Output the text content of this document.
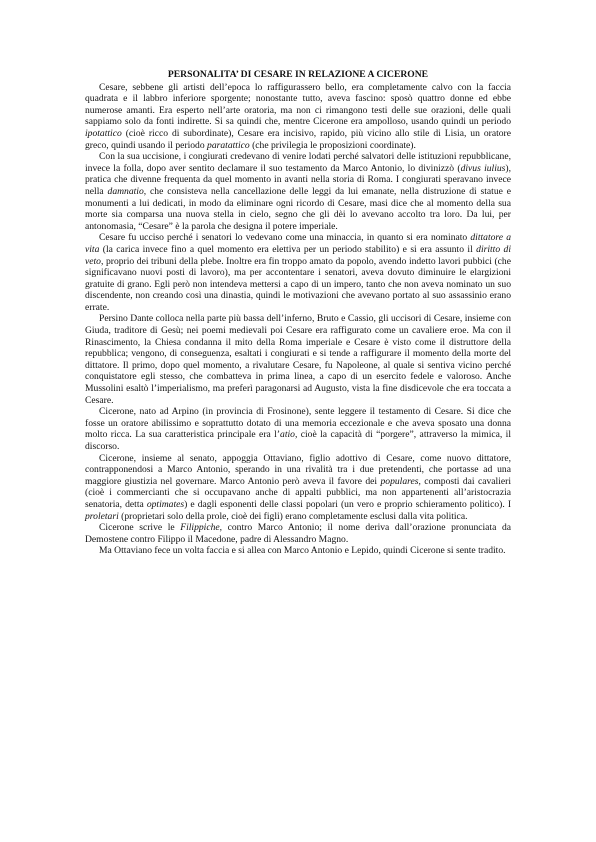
PERSONALITA’ DI CESARE IN RELAZIONE A CICERONE

Cesare, sebbene gli artisti dell’epoca lo raffigurassero bello, era completamente calvo con la faccia quadrata e il labbro inferiore sporgente; nonostante tutto, aveva fascino: sposò quattro donne ed ebbe numerose amanti. Era esperto nell’arte oratoria, ma non ci rimangono testi delle sue orazioni, delle quali sappiamo solo da fonti indirette. Si sa quindi che, mentre Cicerone era ampolloso, usando quindi un periodo ipotattico (cioè ricco di subordinate), Cesare era incisivo, rapido, più vicino allo stile di Lisia, un oratore greco, quindi usando il periodo paratattico (che privilegia le proposizioni coordinate).

Con la sua uccisione, i congiurati credevano di venire lodati perché salvatori delle istituzioni repubblicane, invece la folla, dopo aver sentito declamare il suo testamento da Marco Antonio, lo divinizzò (divus iulius), pratica che divenne frequenta da quel momento in avanti nella storia di Roma. I congiurati speravano invece nella damnatio, che consisteva nella cancellazione delle leggi da lui emanate, nella distruzione di statue e monumenti a lui dedicati, in modo da eliminare ogni ricordo di Cesare, masi dice che al momento della sua morte sia comparsa una nuova stella in cielo, segno che gli dèi lo avevano accolto tra loro. Da lui, per antonomasia, “Cesare” è la parola che designa il potere imperiale.

Cesare fu ucciso perché i senatori lo vedevano come una minaccia, in quanto si era nominato dittatore a vita (la carica invece fino a quel momento era elettiva per un periodo stabilito) e si era assunto il diritto di veto, proprio dei tribuni della plebe. Inoltre era fin troppo amato da popolo, avendo indetto lavori pubbici (che significavano nuovi posti di lavoro), ma per accontentare i senatori, aveva dovuto diminuire le elargizioni gratuite di grano. Egli però non intendeva mettersi a capo di un impero, tanto che non aveva nominato un suo discendente, non creando così una dinastia, quindi le motivazioni che avevano portato al suo assassinio erano errate.

Persino Dante colloca nella parte più bassa dell’inferno, Bruto e Cassio, gli uccisori di Cesare, insieme con Giuda, traditore di Gesù; nei poemi medievali poi Cesare era raffigurato come un cavaliere eroe. Ma con il Rinascimento, la Chiesa condanna il mito della Roma imperiale e Cesare è visto come il distruttore della repubblica; vengono, di conseguenza, esaltati i congiurati e si tende a raffigurare il momento della morte del dittatore. Il primo, dopo quel momento, a rivalutare Cesare, fu Napoleone, al quale si sentiva vicino perché conquistatore egli stesso, che combatteva in prima linea, a capo di un esercito fedele e valoroso. Anche Mussolini esaltò l’imperialismo, ma preferì paragonarsi ad Augusto, vista la fine disdicevole che era toccata a Cesare.

Cicerone, nato ad Arpino (in provincia di Frosinone), sente leggere il testamento di Cesare. Si dice che fosse un oratore abilissimo e soprattutto dotato di una memoria eccezionale e che aveva sposato una donna molto ricca. La sua caratteristica principale era l’atio, cioè la capacità di “porgere”, attraverso la mimica, il discorso.

Cicerone, insieme al senato, appoggia Ottaviano, figlio adottivo di Cesare, come nuovo dittatore, contrapponendosi a Marco Antonio, sperando in una rivalità tra i due pretendenti, che portasse ad una maggiore giustizia nel governare. Marco Antonio però aveva il favore dei populares, composti dai cavalieri (cioè i commercianti che si occupavano anche di appalti pubblici, ma non appartenenti all’aristocrazia senatoria, detta optimates) e dagli esponenti delle classi popolari (un vero e proprio schieramento politico). I proletari (proprietari solo della prole, cioè dei figli) erano completamente esclusi dalla vita politica.

Cicerone scrive le Filippiche, contro Marco Antonio; il nome deriva dall’orazione pronunciata da Demostene contro Filippo il Macedone, padre di Alessandro Magno.

Ma Ottaviano fece un volta faccia e si allea con Marco Antonio e Lepido, quindi Cicerone si sente tradito.
